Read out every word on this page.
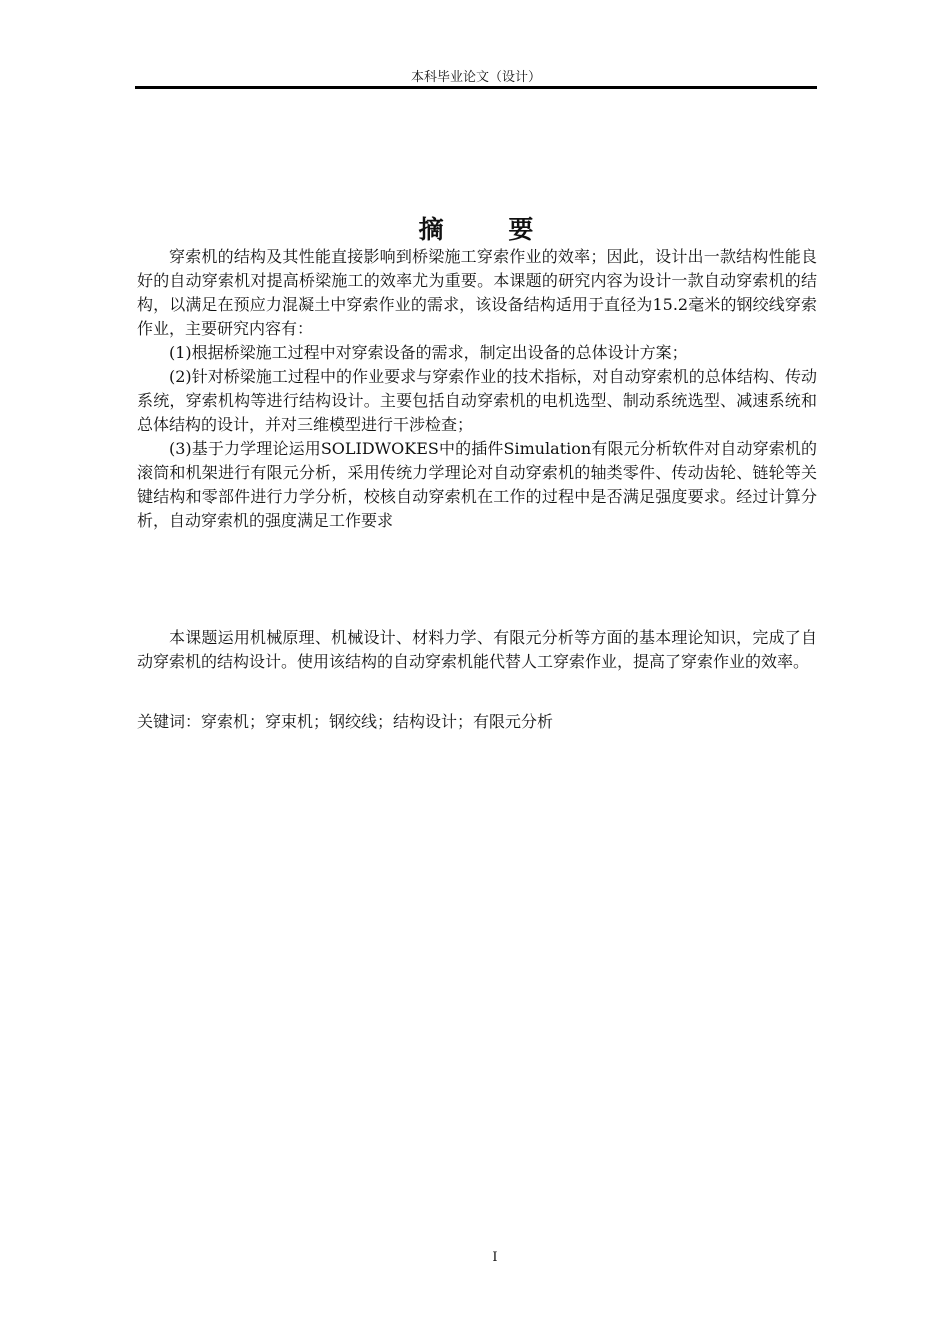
本科毕业论文（设计）
摘 要

穿索机的结构及其性能直接影响到桥梁施工穿索作业的效率；因此，设计出一款结构性能良好的自动穿索机对提高桥梁施工的效率尤为重要。本课题的研究内容为设计一款自动穿索机的结构，以满足在预应力混凝土中穿索作业的需求，该设备结构适用于直径为15.2毫米的钢绞线穿索作业，主要研究内容有：

(1)根据桥梁施工过程中对穿索设备的需求，制定出设备的总体设计方案；

(2)针对桥梁施工过程中的作业要求与穿索作业的技术指标，对自动穿索机的总体结构、传动系统，穿索机构等进行结构设计。主要包括自动穿索机的电机选型、制动系统选型、减速系统和总体结构的设计，并对三维模型进行干涉检查；

(3)基于力学理论运用SOLIDWOKES中的插件Simulation有限元分析软件对自动穿索机的滚筒和机架进行有限元分析，采用传统力学理论对自动穿索机的轴类零件、传动齿轮、链轮等关键结构和零部件进行力学分析，校核自动穿索机在工作的过程中是否满足强度要求。经过计算分析，自动穿索机的强度满足工作要求

本课题运用机械原理、机械设计、材料力学、有限元分析等方面的基本理论知识，完成了自动穿索机的结构设计。使用该结构的自动穿索机能代替人工穿索作业，提高了穿索作业的效率。

关键词：穿索机；穿束机；钢绞线；结构设计；有限元分析
I
